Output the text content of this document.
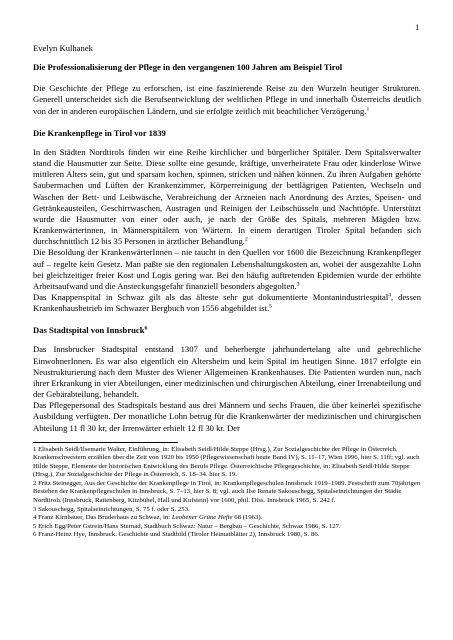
1

Evelyn Kulhanek

Die Professionalisierung der Pflege in den vergangenen 100 Jahren am Beispiel Tirol

Die Geschichte der Pflege zu erforschen, ist eine faszinierende Reise zu den Wurzeln heutiger Strukturen. Generell unterscheidet sich die Berufsentwicklung der weltlichen Pflege in und innerhalb Österreichs deutlich von der in anderen europäischen Ländern, und sie erfolgte zeitlich mit beachtlicher Verzögerung.$^1$

Die Krankenpflege in Tirol vor 1839

In den Städten Nordtirols finden wir eine Reihe kirchlicher und bürgerlicher Spitäler. Dem Spitalsverwalter stand die Hausmutter zur Seite. Diese sollte eine gesunde, kräftige, unverheiratete Frau oder kinderlose Witwe mittleren Alters sein, gut und sparsam kochen, spinnen, stricken und nähen können. Zu ihren Aufgaben gehörte Saubermachen und Lüften der Krankenzimmer, Körperreinigung der bettlägrigen Patienten, Wechseln und Waschen der Bett- und Leibwäsche, Verabreichung der Arzneien nach Anordnung des Arztes, Speisen- und Getränkeausteilen, Geschirrwaschen, Austragen und Reinigen der Leibschüsseln und Nachttöpfe. Unterstützt wurde die Hausmutter von einer oder auch, je nach der Größe des Spitals, mehreren Mägden bzw. Krankenwärterinnen, in Männerspitälern von Wärtern. In einem derartigen Tiroler Spital befanden sich durchschnittlich 12 bis 35 Personen in ärztlicher Behandlung.$^2$
Die Besoldung der KrankenwärterInnen – nie taucht in den Quellen vor 1600 die Bezeichnung Krankenpfleger auf – regelte kein Gesetz. Man paßte sie den regionalen Lebenshaltungskosten an, wobei der ausgezahlte Lohn bei gleichzeitiger freier Kost und Logis gering war. Bei den häufig auftretenden Epidemien wurde der erhöhte Arbeitsaufwand und die Ansteckungsgefahr finanziell besonders abgegolten.$^3$

Das Knappenspital in Schwaz gilt als das älteste sehr gut dokumentierte Montanindustriespital$^4$, dessen Krankenhausbetrieb im Schwazer Bergbuch von 1556 abgebildet ist.$^5$

Das Stadtspital von Innsbruck$^6$

Das Innsbrucker Stadtspital entstand 1307 und beherbergte jahrhundertelang alte und gebrechliche EinwohnerInnen. Es war also eigentlich ein Altersheim und kein Spital im heutigen Sinne. 1817 erfolgte ein Neustrukturierung nach dem Muster des Wiener Allgemeinen Krankenhauses. Die Patienten wurden nun, nach ihrer Erkrankung in vier Abteilungen, einer medizinischen und chirurgischen Abteilung, einer Irrenabteilung und der Gebärabteilung, behandelt.

Das Pflegepersonal des Stadtspitals bestand aus drei Männern und sechs Frauen, die über keinerlei spezifische Ausbildung verfügten. Der monatliche Lohn betrug für die Krankenwärter der medizinischen und chirurgischen Abteilung 11 fl 30 kr, der Irrenwärter erhielt 12 fl 30 kr. Der

1 Elisabeth Seidl/Ilsemarie Walter, Einführung, in: Elisabeth Seidl/Hilde Steppe (Hrsg.), Zur Sozialgeschichte der Pflege in Österreich. Krankenschwestern erzählen über die Zeit von 1920 bis 1950 (Pflegewissenschaft heute Band IV), S. 11–17, Wien 1996, hier S. 11ff; vgl. auch Hilde Steppe, Elemente der historischen Entwicklung des Berufs Pflege. Österreichische Pflegegeschichte, in: Elisabeth Seidl/Hilde Steppe (Hrsg.), Zur Sozialgeschichte der Pflege in Österreich, S. 18–34. hier S. 19.

2 Fritz Steinegger, Aus der Geschichte der Krankenpflege in Tirol, in: Krankenpflegeschulen Innsbruck 1919–1989. Festschrift zum 70jährigen Bestehen der Krankenpflegeschulen in Innsbruck, S. 7–13, hier S. 8; vgl. auch Ilse Renate Sakouschegg, Spitalseinrichtungen der Städte Nordtirols (Innsbruck, Rattenberg, Kitzbühel, Hall und Kufstein) vor 1600, phil. Diss. Innsbruck 1965, S. 242 f.

3 Sakouschegg, Spitalseinrichtungen, S. 75 f. oder S. 253.

4 Franz Kirnbauer, Das Bruderhaus zu Schwaz, in: Leobener Grüne Hefte 68 (1963).

5 Erich Egg/Peter Gstrein/Hans Sternad, Stadtbuch Schwaz: Natur – Bergbau – Geschichte, Schwaz 1986, S. 127.

6 Franz-Heinz Hye, Innsbruck. Geschichte und Stadtbild (Tiroler Heimatblätter 2), Innsbruck 1980, S. 86.
